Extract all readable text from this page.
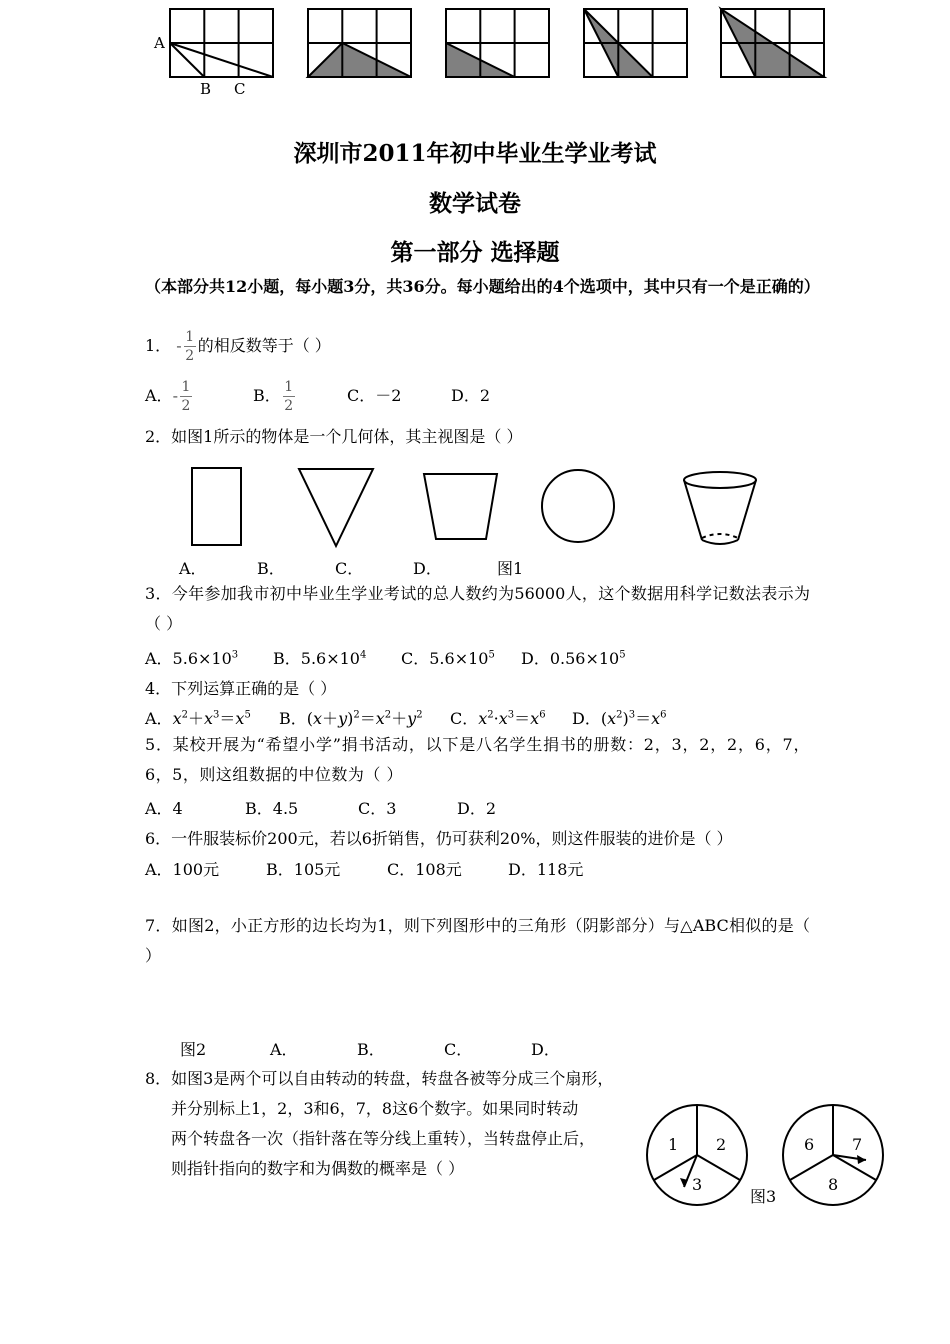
A
B C
深圳市2011年初中毕业生学业考试
数学试卷
第一部分 选择题
（本部分共12小题，每小题3分，共36分。每小题给出的4个选项中，其中只有一个是正确的）
1． - $\frac{1}{2}$ 的相反数等于（ ）
A．- $\frac{1}{2}$	B． $\frac{1}{2}$	C．－2	D．2
2．如图1所示的物体是一个几何体，其主视图是（ ）
A．	B．	C．	D．	图1
3．今年参加我市初中毕业生学业考试的总人数约为56000人，这个数据用科学记数法表示为（ ）
A．$5.6\times 10^3$ B．$5.6\times 10^4$ C．$5.6\times 10^5$ D．$0.56\times 10^5$
4．下列运算正确的是（ ）
A．$x^2+x^3=x^5$ B．$(x+y)^2=x^2+y^2$ C．$x^2\cdot x^3=x^6$ D．$(x^2)^3=x^6$
5．某校开展为“希望小学”捐书活动，以下是八名学生捐书的册数：2，3，2，2，6，7，6，5，则这组数据的中位数为（ ）
A．4	B．4.5	C．3	D．2
6．一件服装标价200元，若以6折销售，仍可获利20%，则这件服装的进价是（ ）
A．100元	B．105元	C．108元	D．118元
7．如图2，小正方形的边长均为1，则下列图形中的三角形（阴影部分）与△ABC相似的是（ ）
图2	A．	B．	C．	D．
8．如图3是两个可以自由转动的转盘，转盘各被等分成三个扇形，
并分别标上1，2，3和6，7，8这6个数字。如果同时转动
两个转盘各一次（指针落在等分线上重转），当转盘停止后，
则指针指向的数字和为偶数的概率是（ ）
1 2
3
图3
6 7
8
